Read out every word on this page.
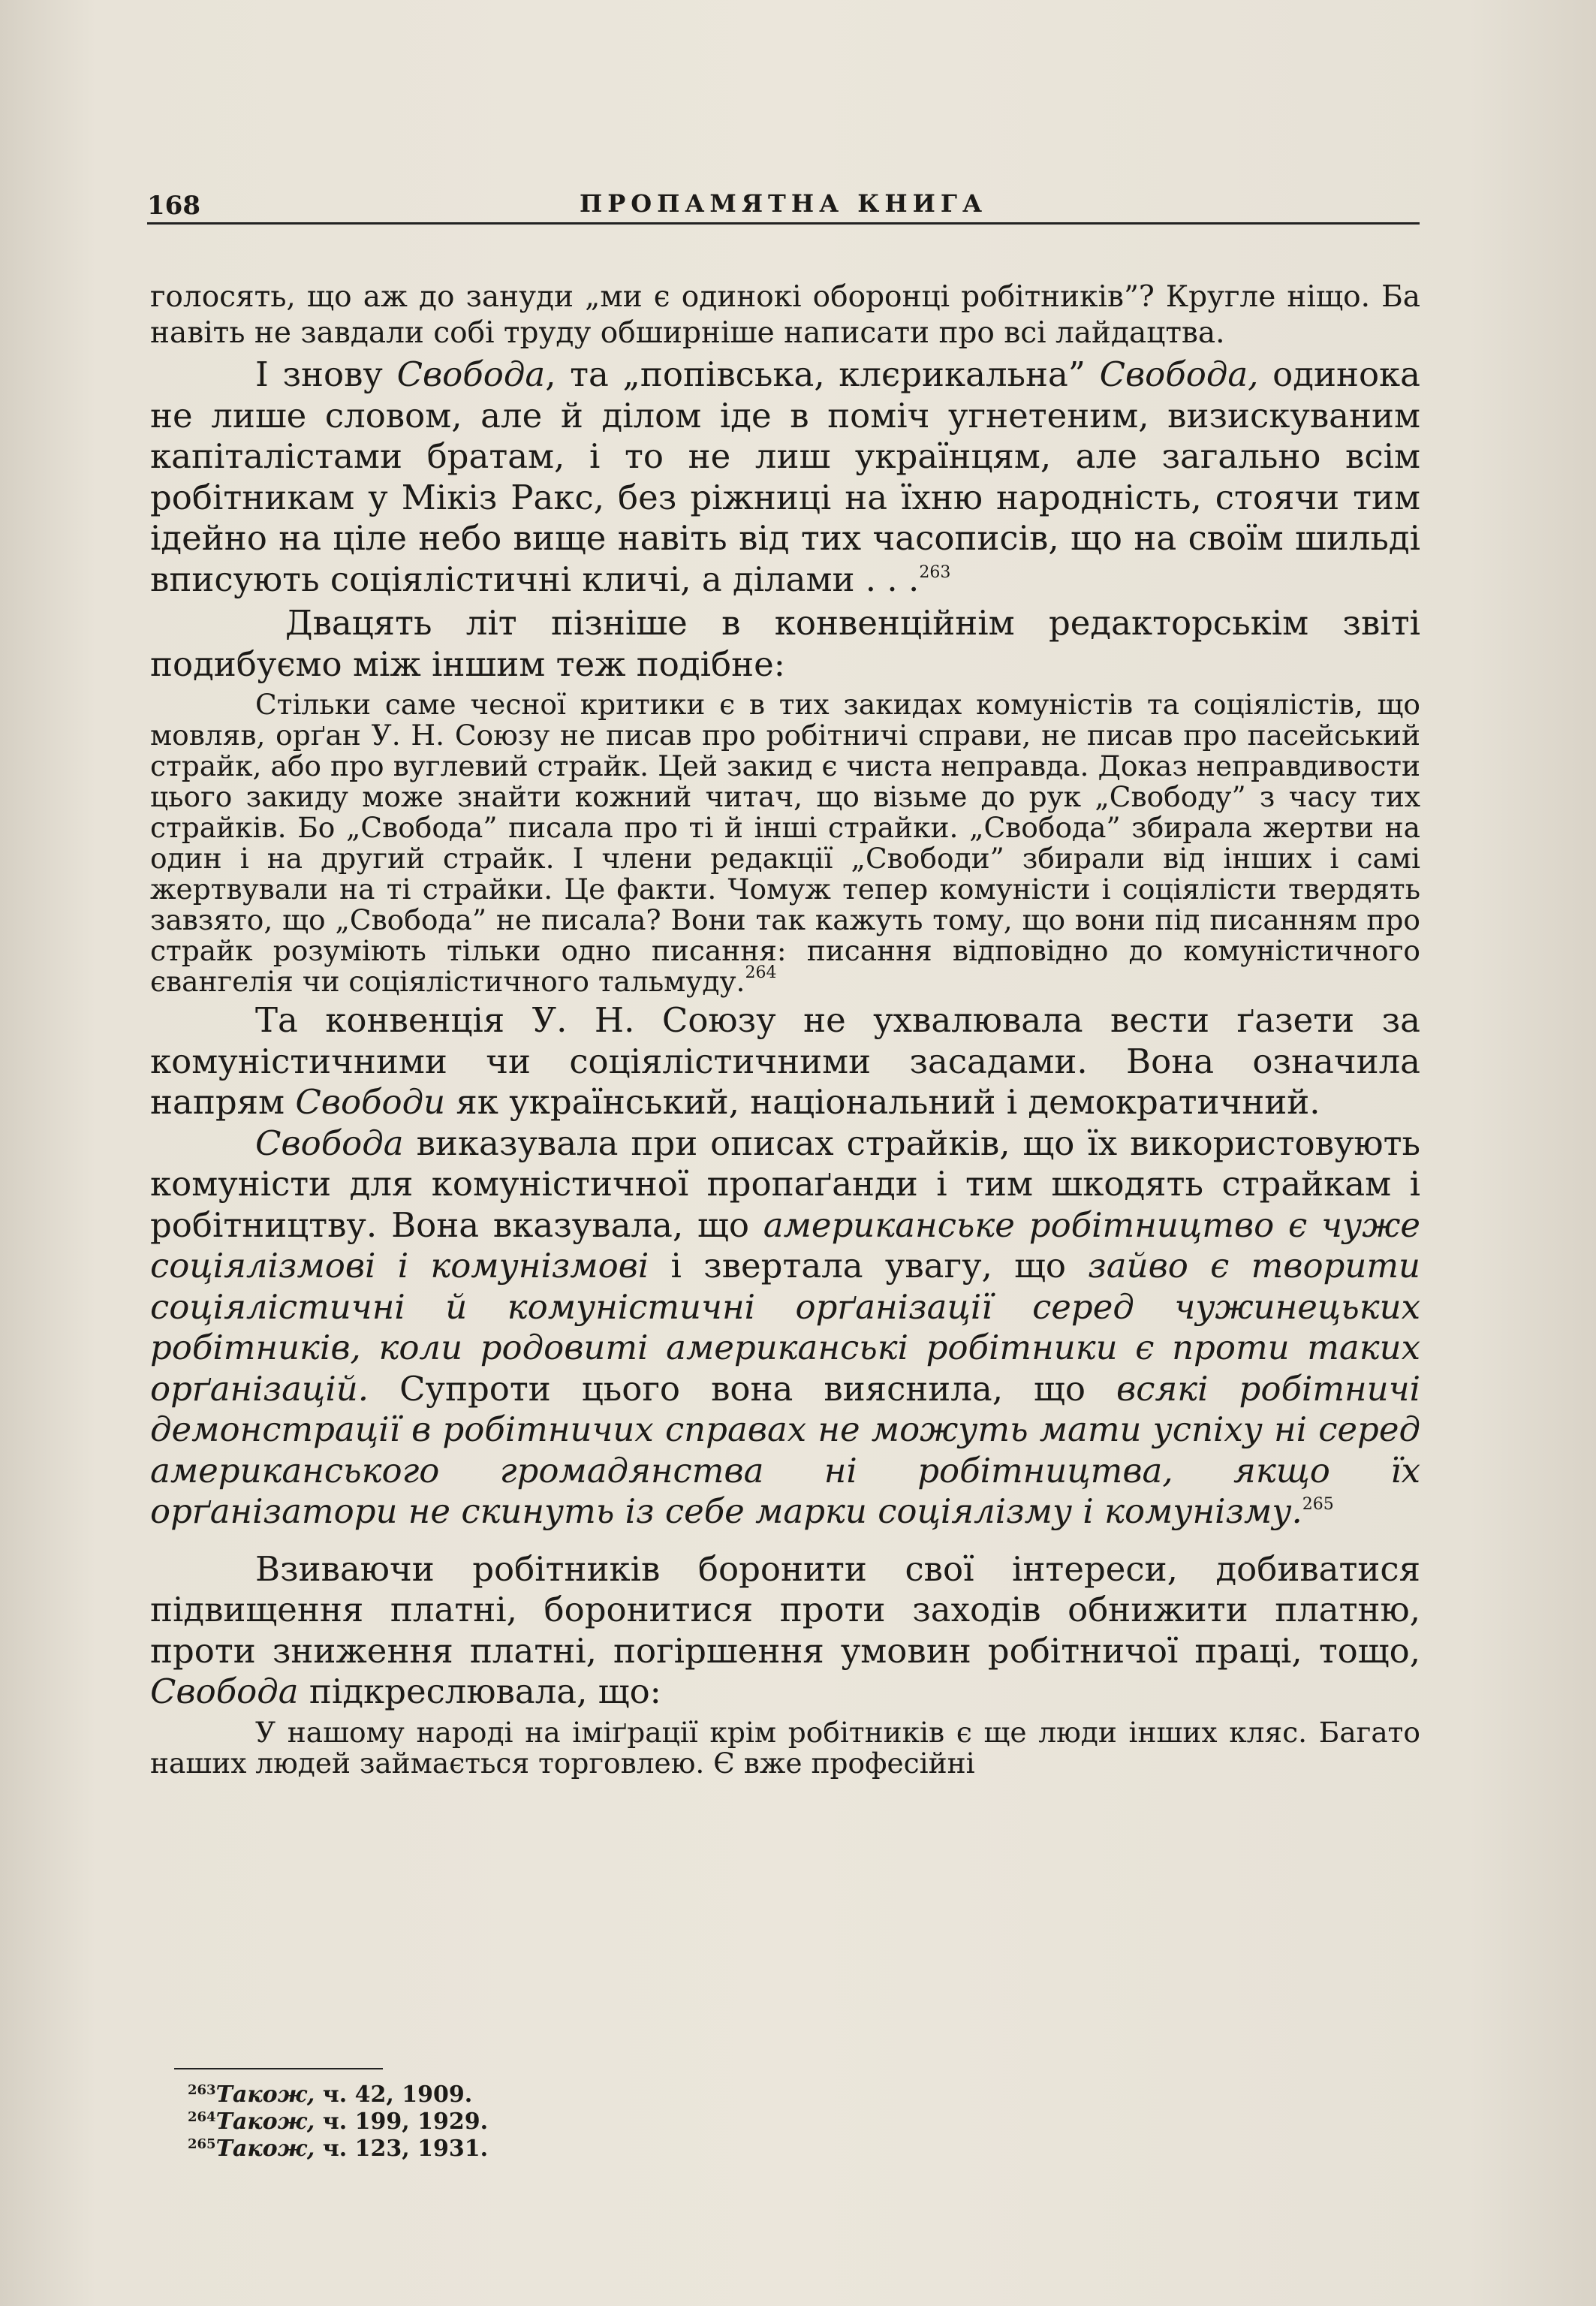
168	ПРОПАМЯТНА КНИГА

голосять, що аж до зануди „ми є одинокі оборонці робітників”? Кругле ніщо. Ба навіть не завдали собі труду обширніше написати про всі лайдацтва.

І знову Свобода, та „попівська, клєрикальна” Свобода, одинока не лише словом, але й ділом іде в поміч угнетеним, визискуваним капіталістами братам, і то не лиш українцям, але загально всім робітникам у Мікіз Ракс, без ріжниці на їхню народність, стоячи тим ідейно на ціле небо вище навіть від тих часописів, що на своїм шильді вписують соціялістичні кличі, а ділами . . .$^{263}$

Двацять літ пізніше в конвенційнім редакторськім звіті подибуємо між іншим теж подібне:

Стільки саме чесної критики є в тих закидах комуністів та соціялістів, що мовляв, орґан У. Н. Союзу не писав про робітничі справи, не писав про пасейський страйк, або про вуглевий страйк. Цей закид є чиста неправда. Доказ неправдивости цього закиду може знайти кожний читач, що візьме до рук „Свободу” з часу тих страйків. Бо „Свобода” писала про ті й інші страйки. „Свобода” збирала жертви на один і на другий страйк. І члени редакції „Свободи” збирали від інших і самі жертвували на ті страйки. Це факти. Чомуж тепер комуністи і соціялісти твердять завзято, що „Свобода” не писала? Вони так кажуть тому, що вони під писанням про страйк розуміють тільки одно писання: писання відповідно до комуністичного євангелія чи соціялістичного тальмуду.$^{264}$

Та конвенція У. Н. Союзу не ухвалювала вести ґазети за комуністичними чи соціялістичними засадами. Вона означила напрям Свободи як український, національний і демократичний.

Свобода виказувала при описах страйків, що їх використовують комуністи для комуністичної пропаґанди і тим шкодять страйкам і робітництву. Вона вказувала, що американське робітництво є чуже соціялізмові і комунізмові і звертала увагу, що зайво є творити соціялістичні й комуністичні орґанізації серед чужинецьких робітників, коли родовиті американські робітники є проти таких орґанізацій. Супроти цього вона вияснила, що всякі робітничі демонстрації в робітничих справах не можуть мати успіху ні серед американського громадянства ні робітництва, якщо їх орґанізатори не скинуть із себе марки соціялізму і комунізму.$^{265}$

Взиваючи робітників боронити свої інтереси, добиватися підвищення платні, боронитися проти заходів обнижити платню, проти зниження платні, погіршення умовин робітничої праці, тощо, Свобода підкреслювала, що:

У нашому народі на іміґрації крім робітників є ще люди інших кляс. Багато наших людей займається торговлею. Є вже професійні

$^{263}$Також, ч. 42, 1909.
$^{264}$Також, ч. 199, 1929.
$^{265}$Також, ч. 123, 1931.
